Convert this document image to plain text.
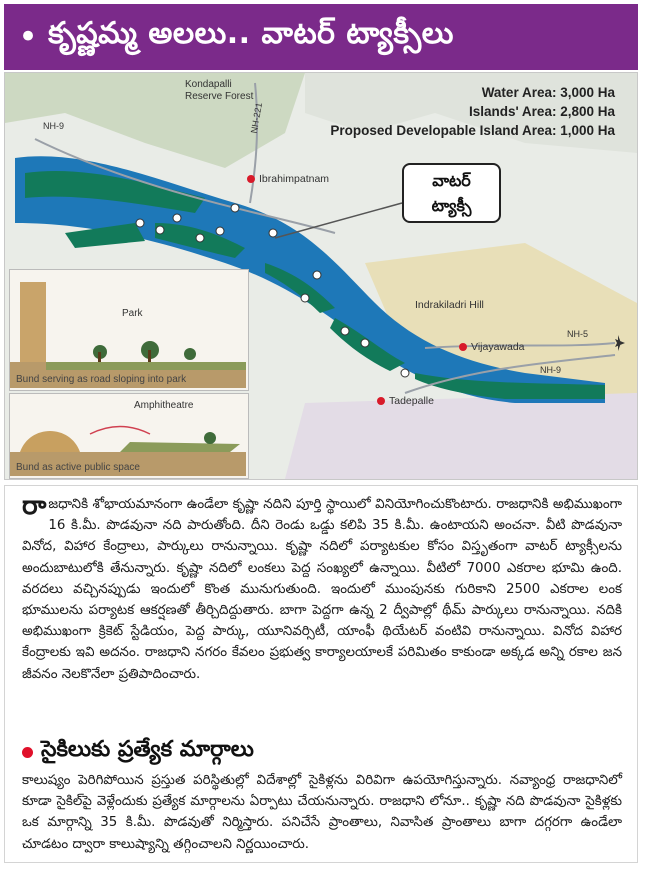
• కృష్ణమ్మ అలలు.. వాటర్ ట్యాక్సీలు
Water Area: 3,000 Ha
Islands' Area: 2,800 Ha
Proposed Developable Island Area: 1,000 Ha
Kondapalli
Reserve Forest
NH-9	NH-221
Ibrahimpatnam
Indrakiladri Hill
Vijayawada
Tadepalle
NH-5
NH-9
వాటర్
ట్యాక్సీ
Park
Bund serving as road sloping into park
Amphitheatre
Bund as active public space
రాజధానికి శోభాయమానంగా ఉండేలా కృష్ణా నదిని పూర్తి స్థాయిలో వినియోగించుకొంటారు. రాజధానికి అభిముఖంగా 16 కి.మీ. పొడవునా నది పారుతోంది. దీని రెండు ఒడ్డు కలిపి 35 కి.మీ. ఉంటాయని అంచనా. వీటి పొడవునా వినోద, విహార కేంద్రాలు, పార్కులు రానున్నాయి. కృష్ణా నదిలో పర్యాటకుల కోసం విస్తృతంగా వాటర్ ట్యాక్సీలను అందుబాటులోకి తేనున్నారు. కృష్ణా నదిలో లంకలు పెద్ద సంఖ్యలో ఉన్నాయి. వీటిలో 7000 ఎకరాల భూమి ఉంది. వరదలు వచ్చినప్పుడు ఇందులో కొంత మునుగుతుంది. ఇందులో ముంపునకు గురికాని 2500 ఎకరాల లంక భూములను పర్యాటక ఆకర్షణతో తీర్చిదిద్దుతారు. బాగా పెద్దగా ఉన్న 2 ద్వీపాల్లో థీమ్ పార్కులు రానున్నాయి. నదికి అభిముఖంగా క్రికెట్ స్టేడియం, పెద్ద పార్కు, యూనివర్సిటీ, యాంఫీ థియేటర్ వంటివి రానున్నాయి. వినోద విహార కేంద్రాలకు ఇవి అదనం. రాజధాని నగరం కేవలం ప్రభుత్వ కార్యాలయాలకే పరిమితం కాకుండా అక్కడ అన్ని రకాల జన జీవనం నెలకొనేలా ప్రతిపాదించారు.
సైకిలుకు ప్రత్యేక మార్గాలు
కాలుష్యం పెరిగిపోయిన ప్రస్తుత పరిస్థితుల్లో విదేశాల్లో సైకిళ్లను విరివిగా ఉపయోగిస్తున్నారు. నవ్యాంధ్ర రాజధానిలో కూడా సైకిల్‌పై వెళ్లేందుకు ప్రత్యేక మార్గాలను ఏర్పాటు చేయనున్నారు. రాజధాని లోనూ.. కృష్ణా నది పొడవునా సైకిళ్లకు ఒక మార్గాన్ని 35 కి.మీ. పొడవుతో నిర్మిస్తారు. పనిచేసే ప్రాంతాలు, నివాసిత ప్రాంతాలు బాగా దగ్గరగా ఉండేలా చూడటం ద్వారా కాలుష్యాన్ని తగ్గించాలని నిర్ణయించారు.
